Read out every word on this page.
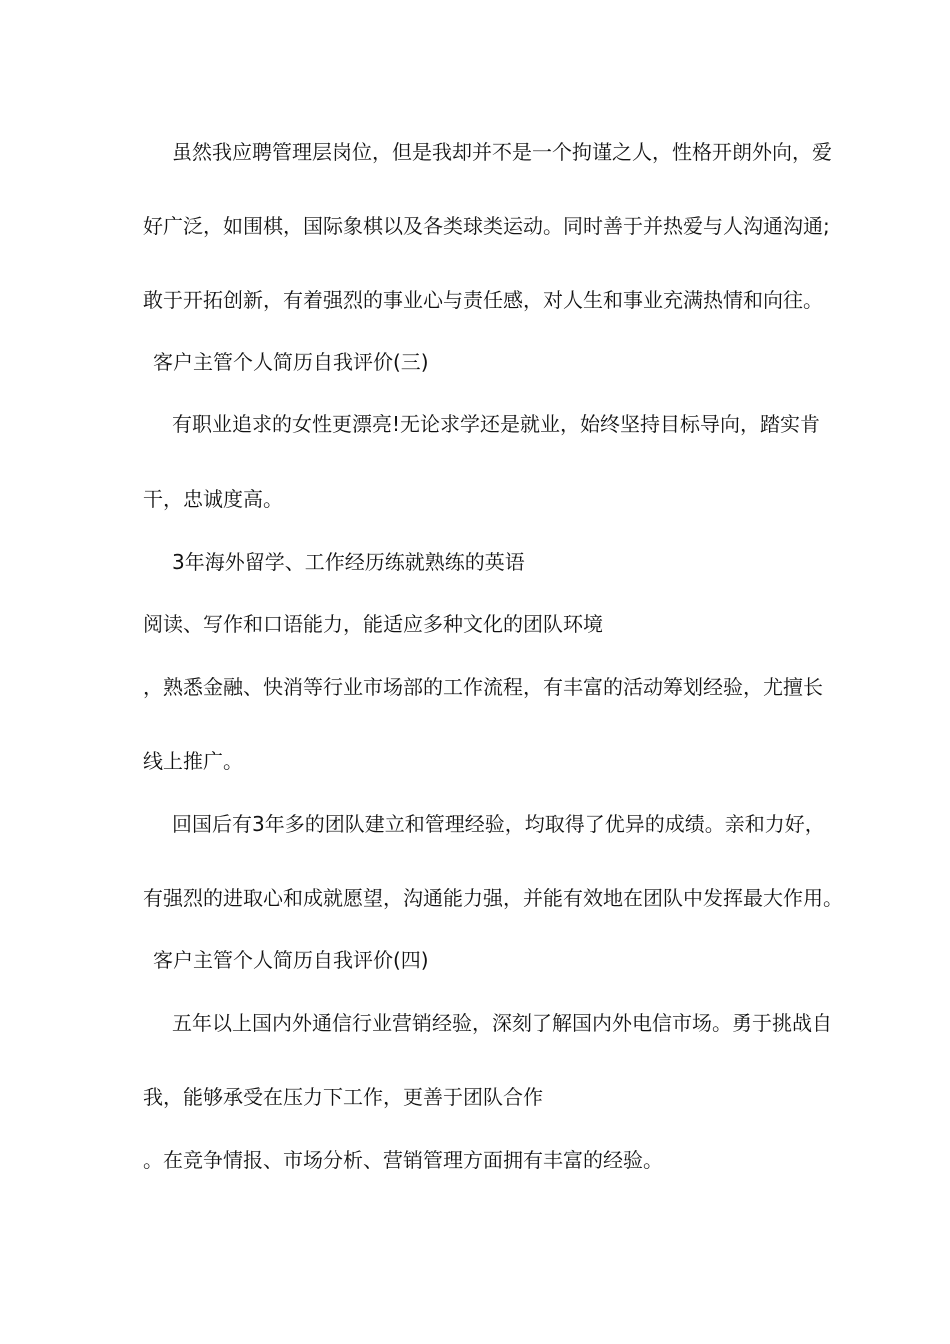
虽然我应聘管理层岗位，但是我却并不是一个拘谨之人，性格开朗外向，爱
好广泛，如围棋，国际象棋以及各类球类运动。同时善于并热爱与人沟通沟通;
敢于开拓创新，有着强烈的事业心与责任感，对人生和事业充满热情和向往。
客户主管个人简历自我评价(三)
有职业追求的女性更漂亮!无论求学还是就业，始终坚持目标导向，踏实肯
干，忠诚度高。
3年海外留学、工作经历练就熟练的英语
阅读、写作和口语能力，能适应多种文化的团队环境
，熟悉金融、快消等行业市场部的工作流程，有丰富的活动筹划经验，尤擅长
线上推广。
回国后有3年多的团队建立和管理经验，均取得了优异的成绩。亲和力好，
有强烈的进取心和成就愿望，沟通能力强，并能有效地在团队中发挥最大作用。
客户主管个人简历自我评价(四)
五年以上国内外通信行业营销经验，深刻了解国内外电信市场。勇于挑战自
我，能够承受在压力下工作，更善于团队合作
。在竞争情报、市场分析、营销管理方面拥有丰富的经验。
